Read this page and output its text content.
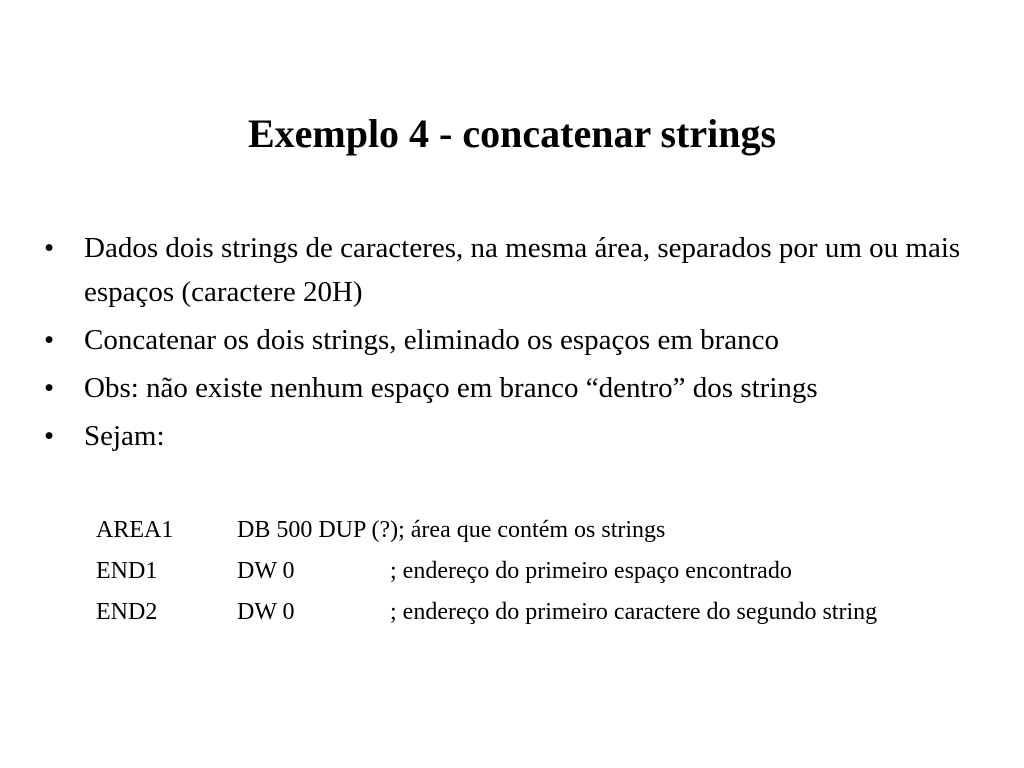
Exemplo 4 - concatenar strings
•	Dados dois strings de caracteres, na mesma área, separados por um ou mais espaços (caractere 20H)
•	Concatenar os dois strings, eliminado os espaços em branco
•	Obs: não existe nenhum espaço em branco “dentro” dos strings
•	Sejam:
AREA1	DB 500 DUP (?); área que contém os strings
END1	DW 0	; endereço do primeiro espaço encontrado
END2	DW 0	; endereço do primeiro caractere do segundo string
